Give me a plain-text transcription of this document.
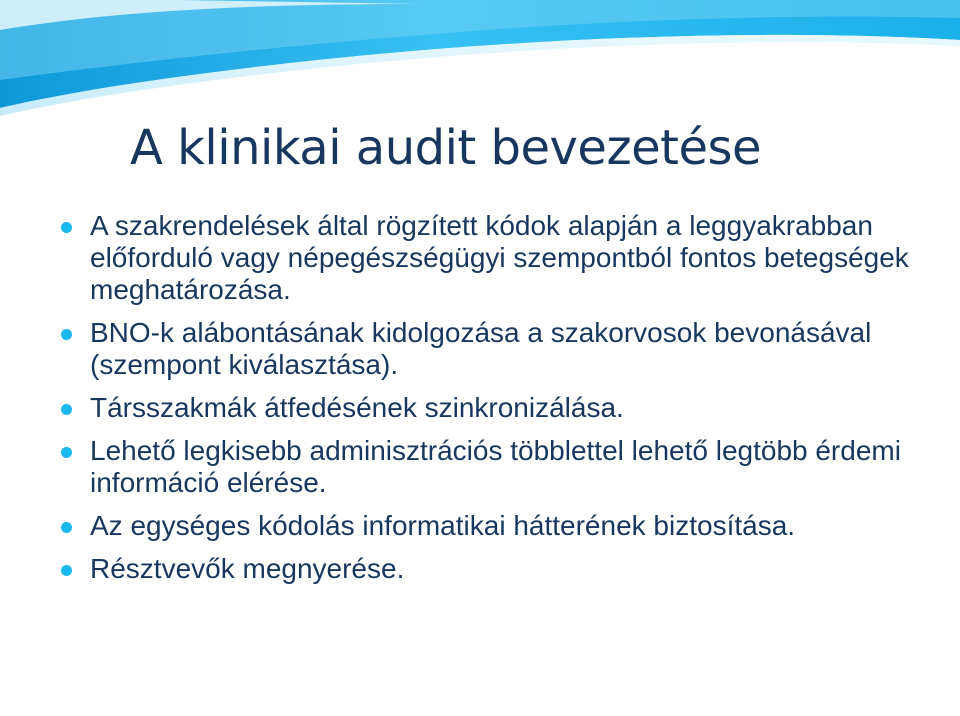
A klinikai audit bevezetése
A szakrendelések által rögzített kódok alapján a leggyakrabban előforduló vagy népegészségügyi szempontból fontos betegségek meghatározása.
BNO-k alábontásának kidolgozása a szakorvosok bevonásával (szempont kiválasztása).
Társszakmák átfedésének szinkronizálása.
Lehető legkisebb adminisztrációs többlettel lehető legtöbb érdemi információ elérése.
Az egységes kódolás informatikai hátterének biztosítása.
Résztvevők megnyerése.
